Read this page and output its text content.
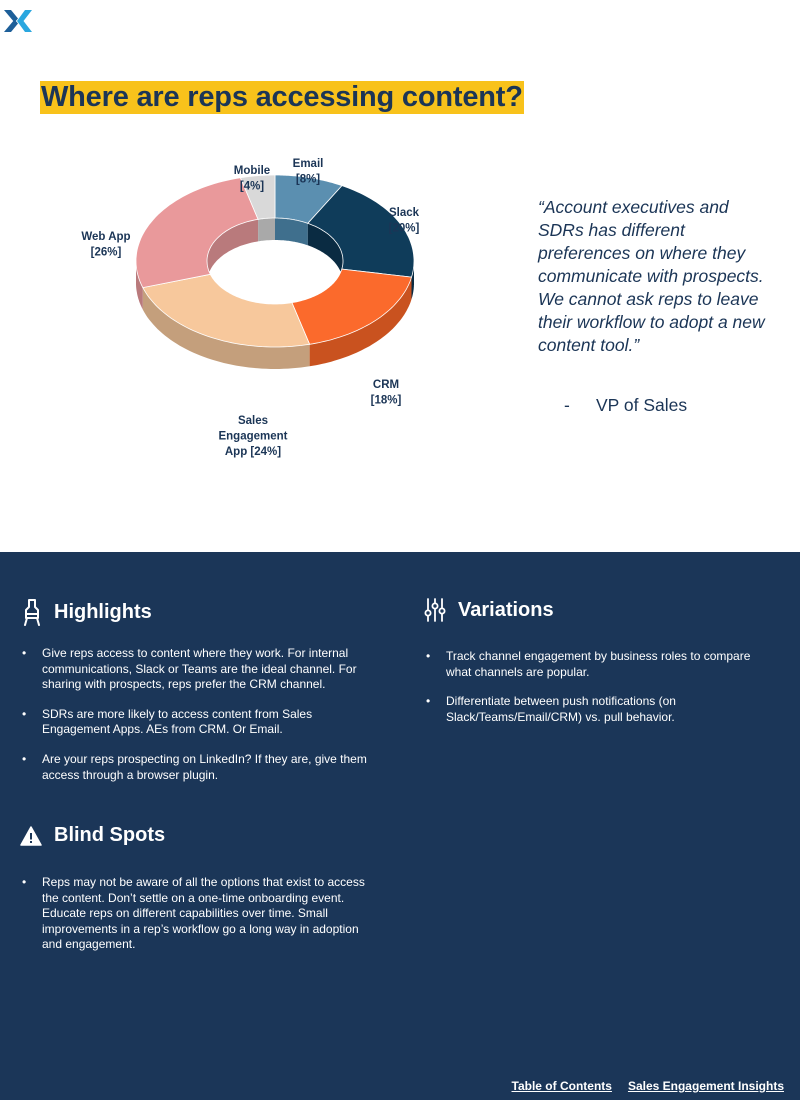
Where are reps accessing content?
Email [8%]
Slack [20%]
CRM [18%]
Sales Engagement App [24%]
Web App [26%]
Mobile [4%]

“Account executives and SDRs has different preferences on where they communicate with prospects. We cannot ask reps to leave their workflow to adopt a new content tool.”

- VP of Sales
Highlights
• Give reps access to content where they work. For internal communications, Slack or Teams are the ideal channel. For sharing with prospects, reps prefer the CRM channel.
• SDRs are more likely to access content from Sales Engagement Apps. AEs from CRM. Or Email.
• Are your reps prospecting on LinkedIn? If they are, give them access through a browser plugin.
Variations
• Track channel engagement by business roles to compare what channels are popular.
• Differentiate between push notifications (on Slack/Teams/Email/CRM) vs. pull behavior.
Blind Spots
• Reps may not be aware of all the options that exist to access the content. Don’t settle on a one-time onboarding event. Educate reps on different capabilities over time. Small improvements in a rep’s workflow go a long way in adoption and engagement.
Table of Contents Sales Engagement Insights
